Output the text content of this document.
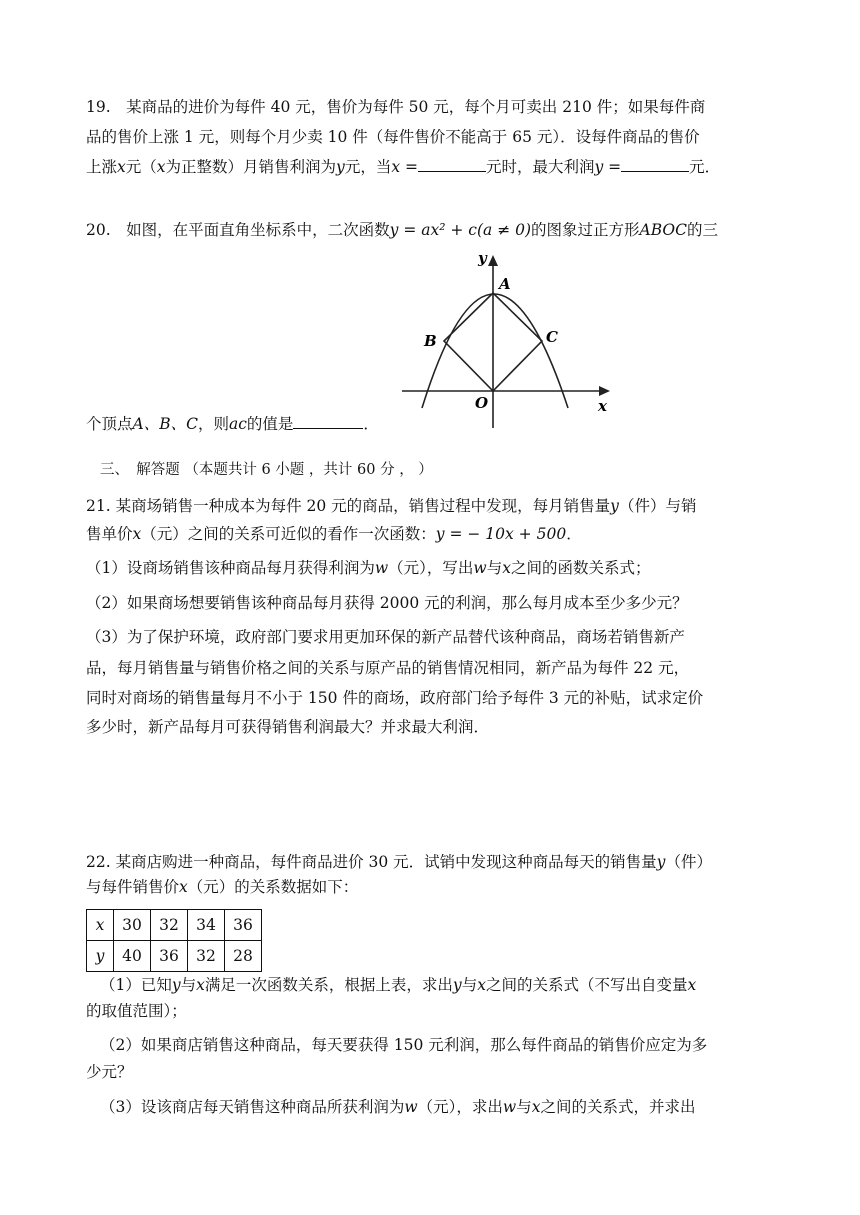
19.　某商品的进价为每件 40 元，售价为每件 50 元，每个月可卖出 210 件；如果每件商
品的售价上涨 1 元，则每个月少卖 10 件（每件售价不能高于 65 元）．设每件商品的售价
上涨x元（x为正整数）月销售利润为y元，当x =	元时，最大利润y =	元．
20.　如图，在平面直角坐标系中，二次函数y = ax² + c(a ≠ 0)的图象过正方形ABOC的三
y
x
O
A
B	C
个顶点A、B、C，则ac的值是	．
三、　解答题 （本题共计 6 小题 ，共计 60 分 ， ）
21. 某商场销售一种成本为每件 20 元的商品，销售过程中发现，每月销售量y（件）与销
售单价x（元）之间的关系可近似的看作一次函数：y = − 10x + 500．
（1）设商场销售该种商品每月获得利润为w（元），写出w与x之间的函数关系式；
（2）如果商场想要销售该种商品每月获得 2000 元的利润，那么每月成本至少多少元？
（3）为了保护环境，政府部门要求用更加环保的新产品替代该种商品，商场若销售新产
品，每月销售量与销售价格之间的关系与原产品的销售情况相同，新产品为每件 22 元，
同时对商场的销售量每月不小于 150 件的商场，政府部门给予每件 3 元的补贴，试求定价
多少时，新产品每月可获得销售利润最大？并求最大利润．
22. 某商店购进一种商品，每件商品进价 30 元．试销中发现这种商品每天的销售量y（件）
与每件销售价x（元）的关系数据如下：
x	30	32	34	36
y	40	36	32	28
（1）已知y与x满足一次函数关系，根据上表，求出y与x之间的关系式（不写出自变量x
的取值范围）；
（2）如果商店销售这种商品，每天要获得 150 元利润，那么每件商品的销售价应定为多
少元？
（3）设该商店每天销售这种商品所获利润为w（元），求出w与x之间的关系式，并求出
